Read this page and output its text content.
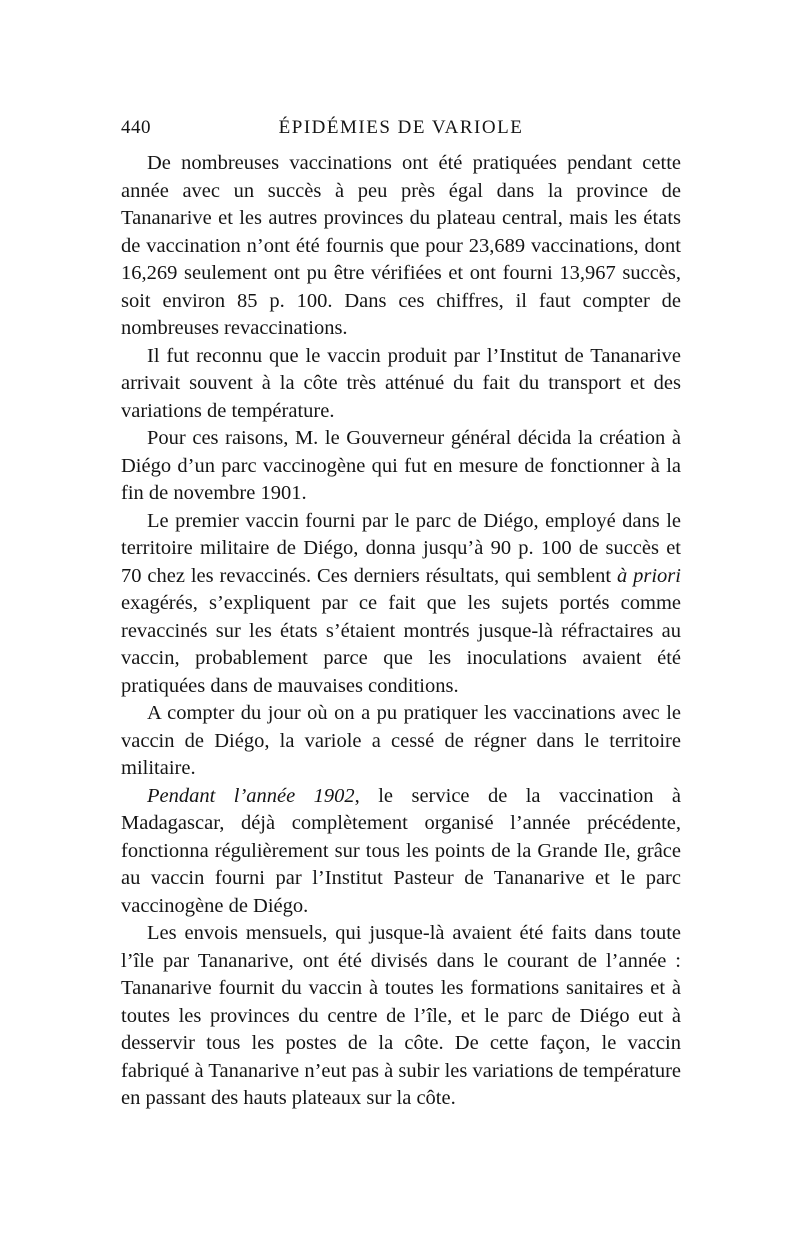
440	ÉPIDÉMIES DE VARIOLE

De nombreuses vaccinations ont été pratiquées pendant cette année avec un succès à peu près égal dans la province de Tananarive et les autres provinces du plateau central, mais les états de vaccination n’ont été fournis que pour 23,689 vaccinations, dont 16,269 seulement ont pu être vérifiées et ont fourni 13,967 succès, soit environ 85 p. 100. Dans ces chiffres, il faut compter de nombreuses revaccinations.

Il fut reconnu que le vaccin produit par l’Institut de Tananarive arrivait souvent à la côte très atténué du fait du transport et des variations de température.

Pour ces raisons, M. le Gouverneur général décida la création à Diégo d’un parc vaccinogène qui fut en mesure de fonctionner à la fin de novembre 1901.

Le premier vaccin fourni par le parc de Diégo, employé dans le territoire militaire de Diégo, donna jusqu’à 90 p. 100 de succès et 70 chez les revaccinés. Ces derniers résultats, qui semblent à priori exagérés, s’expliquent par ce fait que les sujets portés comme revaccinés sur les états s’étaient montrés jusque-là réfractaires au vaccin, probablement parce que les inoculations avaient été pratiquées dans de mauvaises conditions.

A compter du jour où on a pu pratiquer les vaccinations avec le vaccin de Diégo, la variole a cessé de régner dans le territoire militaire.

Pendant l’année 1902, le service de la vaccination à Madagascar, déjà complètement organisé l’année précédente, fonctionna régulièrement sur tous les points de la Grande Ile, grâce au vaccin fourni par l’Institut Pasteur de Tananarive et le parc vaccinogène de Diégo.

Les envois mensuels, qui jusque-là avaient été faits dans toute l’île par Tananarive, ont été divisés dans le courant de l’année : Tananarive fournit du vaccin à toutes les formations sanitaires et à toutes les provinces du centre de l’île, et le parc de Diégo eut à desservir tous les postes de la côte. De cette façon, le vaccin fabriqué à Tananarive n’eut pas à subir les variations de température en passant des hauts plateaux sur la côte.
